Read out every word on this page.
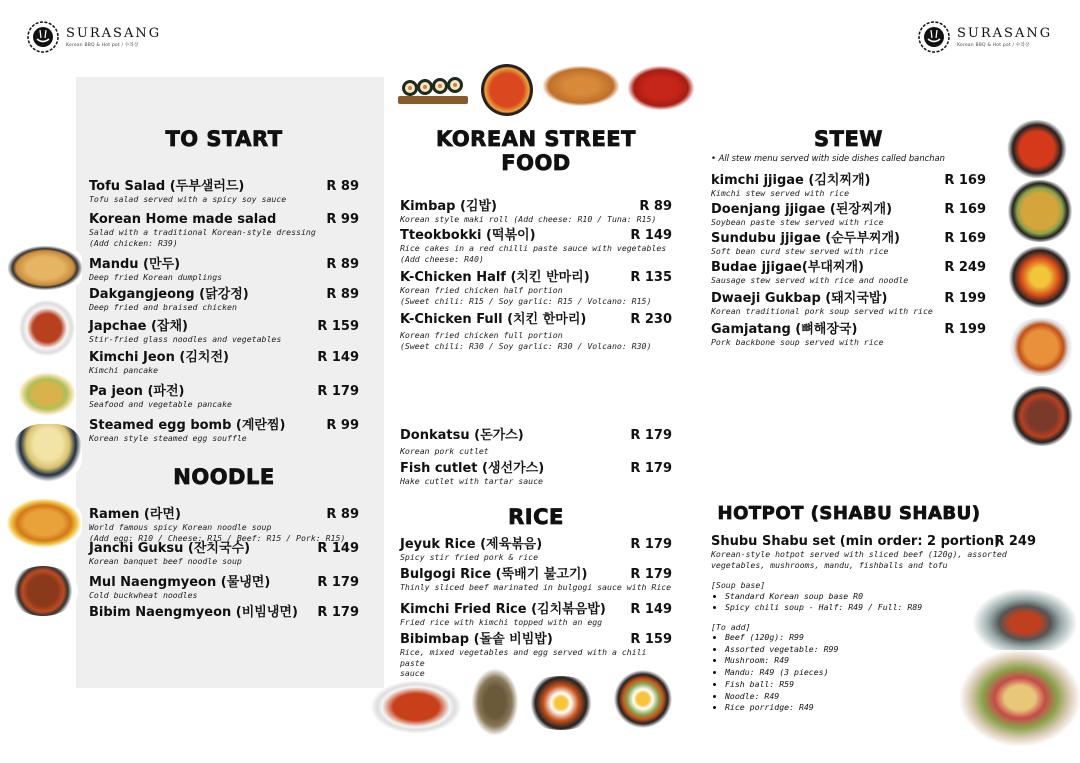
SURASANG
Korean BBQ & Hot pot / 수라상
SURASANG
Korean BBQ & Hot pot / 수라상
TO START
Tofu Salad (두부샐러드)	R 89
Tofu salad served with a spicy soy sauce
Korean Home made salad	R 99
Salad with a traditional Korean-style dressing
(Add chicken: R39)
Mandu (만두)	R 89
Deep fried Korean dumplings
Dakgangjeong (닭강정)	R 89
Deep fried and braised chicken
Japchae (잡채)	R 159
Stir-fried glass noodles and vegetables
Kimchi Jeon (김치전)	R 149
Kimchi pancake
Pa jeon (파전)	R 179
Seafood and vegetable pancake
Steamed egg bomb (계란찜)	R 99
Korean style steamed egg souffle
NOODLE
Ramen (라면)	R 89
World famous spicy Korean noodle soup
(Add egg: R10 / Cheese: R15 / Beef: R15 / Pork: R15)
Janchi Guksu (잔치국수)	R 149
Korean banquet beef noodle soup
Mul Naengmyeon (물냉면)	R 179
Cold buckwheat noodles
Bibim Naengmyeon (비빔냉면)	R 179
KOREAN STREET FOOD
Kimbap (김밥)	R 89
Korean style maki roll (Add cheese: R10 / Tuna: R15)
Tteokbokki (떡볶이)	R 149
Rice cakes in a red chilli paste sauce with vegetables
(Add cheese: R40)
K-Chicken Half (치킨 반마리)	R 135
Korean fried chicken half portion
(Sweet chili: R15 / Soy garlic: R15 / Volcano: R15)
K-Chicken Full (치킨 한마리)	R 230
Korean fried chicken full portion
(Sweet chili: R30 / Soy garlic: R30 / Volcano: R30)
Donkatsu (돈가스)	R 179
Korean pork cutlet
Fish cutlet (생선가스)	R 179
Hake cutlet with tartar sauce
RICE
Jeyuk Rice (제육볶음)	R 179
Spicy stir fried pork & rice
Bulgogi Rice (뚝배기 불고기)	R 179
Thinly sliced beef marinated in bulgogi sauce with Rice
Kimchi Fried Rice (김치볶음밥)	R 149
Fried rice with kimchi topped with an egg
Bibimbap (돌솥 비빔밥)	R 159
Rice, mixed vegetables and egg served with a chili paste
sauce
STEW
• All stew menu served with side dishes called banchan
kimchi jjigae (김치찌개)	R 169
Kimchi stew served with rice
Doenjang jjigae (된장찌개)	R 169
Soybean paste stew served with rice
Sundubu jjigae (순두부찌개)	R 169
Soft bean curd stew served with rice
Budae jjigae(부대찌개)	R 249
Sausage stew served with rice and noodle
Dwaeji Gukbap (돼지국밥)	R 199
Korean traditional pork soup served with rice
Gamjatang (뼈해장국)	R 199
Pork backbone soup served with rice
HOTPOT (SHABU SHABU)
Shubu Shabu set (min order: 2 portion)
R 249
Korean-style hotpot served with sliced beef (120g), assorted
vegetables, mushrooms, mandu, fishballs and tofu
[Soup base]
• Standard Korean soup base R0
• Spicy chili soup - Half: R49 / Full: R89
[To add]
• Beef (120g): R99
• Assorted vegetable: R99
• Mushroom: R49
• Mandu: R49 (3 pieces)
• Fish ball: R59
• Noodle: R49
• Rice porridge: R49
